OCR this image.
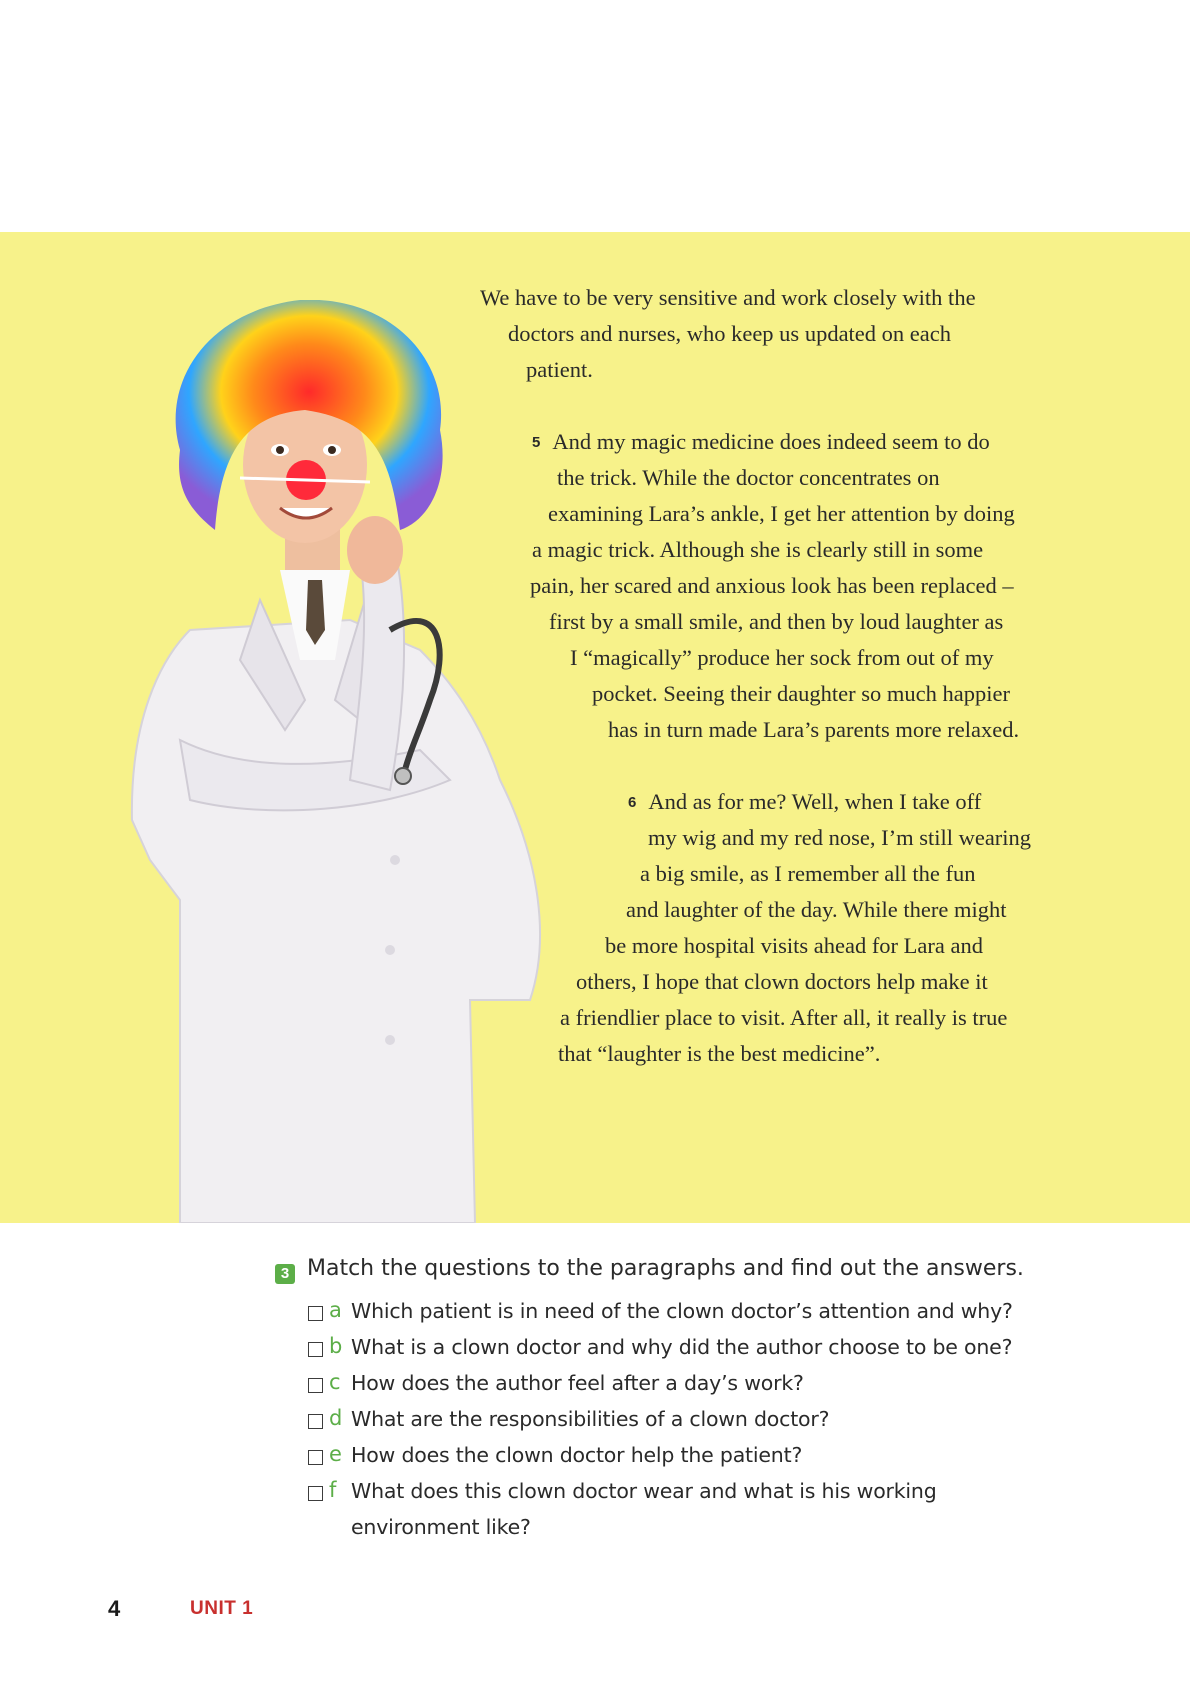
We have to be very sensitive and work closely with the
doctors and nurses, who keep us updated on each
patient.
5 And my magic medicine does indeed seem to do
the trick. While the doctor concentrates on
examining Lara’s ankle, I get her attention by doing
a magic trick. Although she is clearly still in some
pain, her scared and anxious look has been replaced –
first by a small smile, and then by loud laughter as
I “magically” produce her sock from out of my
pocket. Seeing their daughter so much happier
has in turn made Lara’s parents more relaxed.
6 And as for me? Well, when I take off
my wig and my red nose, I’m still wearing
a big smile, as I remember all the fun
and laughter of the day. While there might
be more hospital visits ahead for Lara and
others, I hope that clown doctors help make it
a friendlier place to visit. After all, it really is true
that “laughter is the best medicine”.
3 Match the questions to the paragraphs and find out the answers.
a Which patient is in need of the clown doctor’s attention and why?
b What is a clown doctor and why did the author choose to be one?
c How does the author feel after a day’s work?
d What are the responsibilities of a clown doctor?
e How does the clown doctor help the patient?
f What does this clown doctor wear and what is his working
environment like?
4	UNIT 1
